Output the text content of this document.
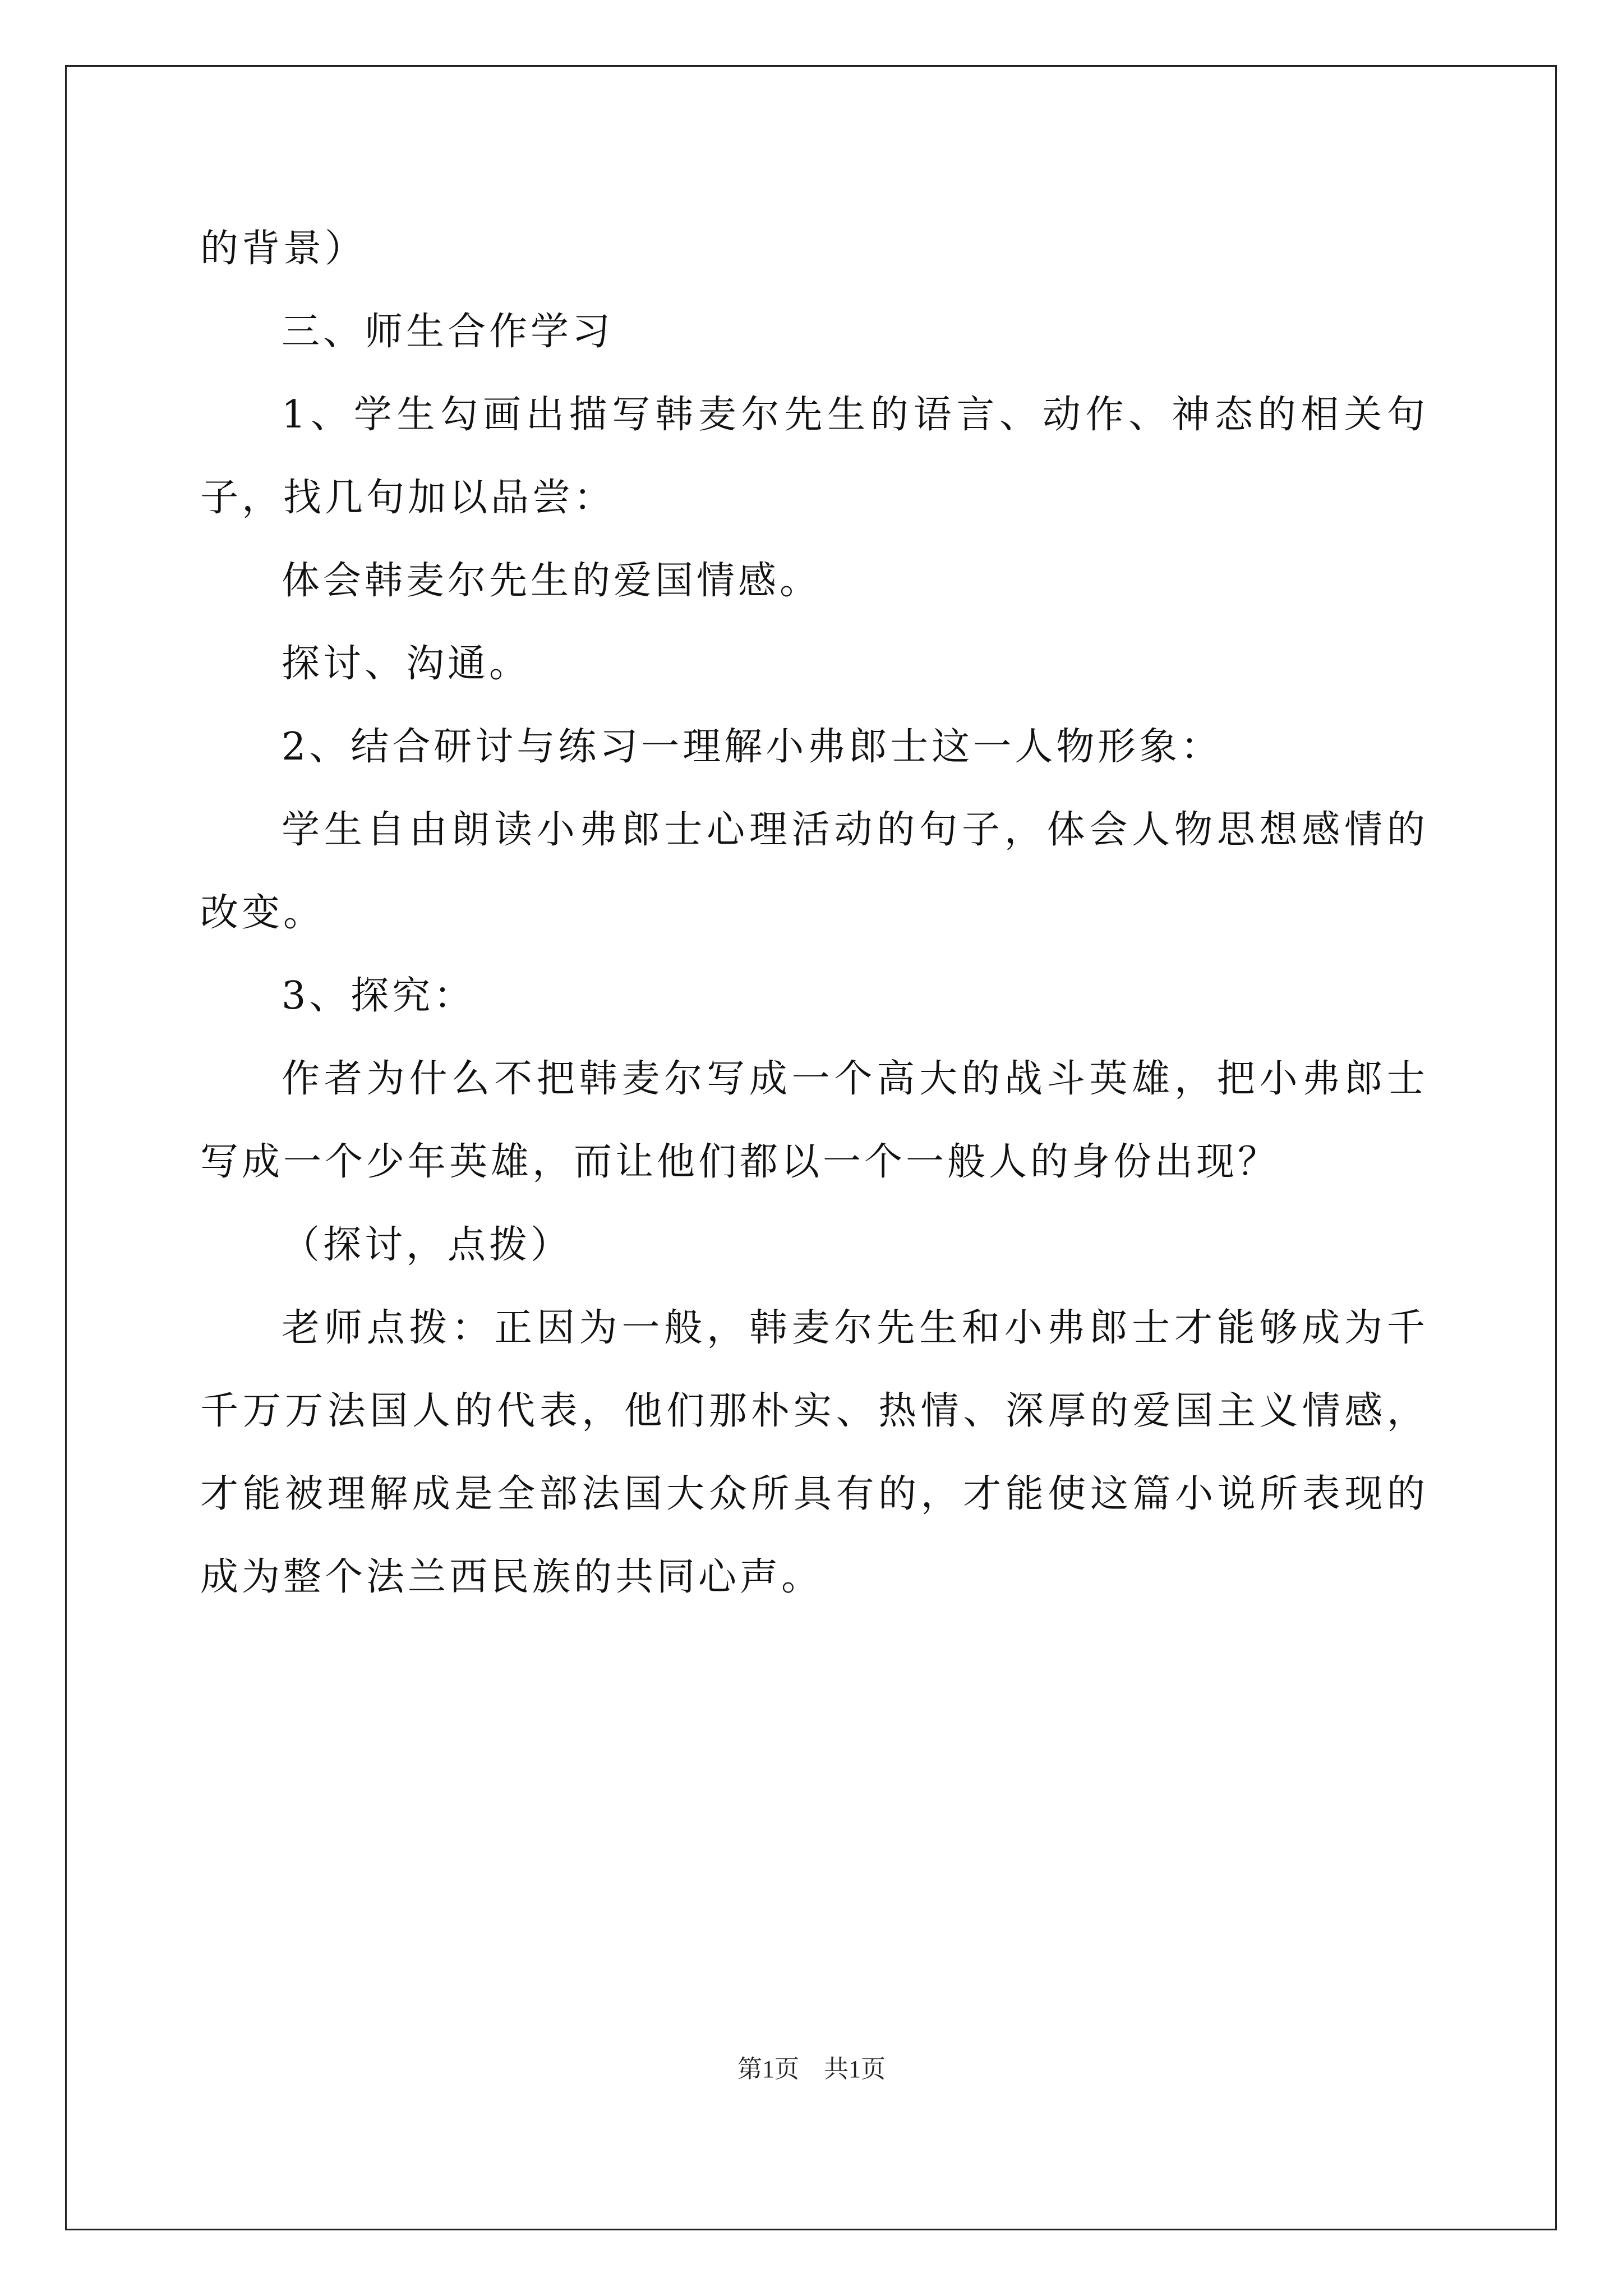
的背景）

三、师生合作学习

1、学生勾画出描写韩麦尔先生的语言、动作、神态的相关句子，找几句加以品尝：

体会韩麦尔先生的爱国情感。

探讨、沟通。

2、结合研讨与练习一理解小弗郎士这一人物形象：

学生自由朗读小弗郎士心理活动的句子，体会人物思想感情的改变。

3、探究：

作者为什么不把韩麦尔写成一个高大的战斗英雄，把小弗郎士写成一个少年英雄，而让他们都以一个一般人的身份出现？

（探讨，点拨）

老师点拨：正因为一般，韩麦尔先生和小弗郎士才能够成为千千万万法国人的代表，他们那朴实、热情、深厚的爱国主义情感，才能被理解成是全部法国大众所具有的，才能使这篇小说所表现的成为整个法兰西民族的共同心声。

第1页　共1页
